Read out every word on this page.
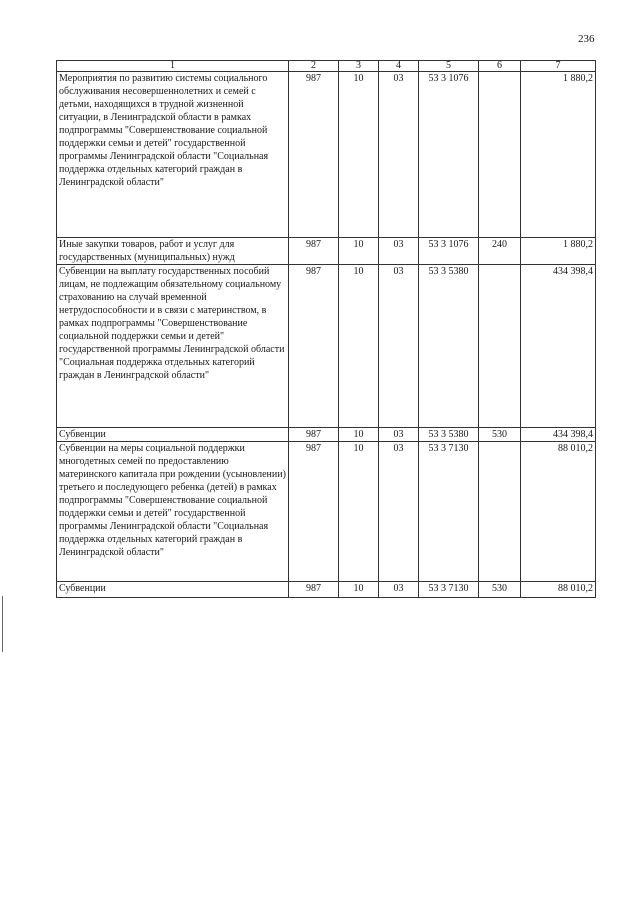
236
1	2	3	4	5	6	7
Мероприятия по развитию системы социального обслуживания несовершеннолетних и семей с детьми, находящихся в трудной жизненной ситуации, в Ленинградской области в рамках подпрограммы "Совершенствование социальной поддержки семьи и детей" государственной программы Ленинградской области "Социальная поддержка отдельных категорий граждан в Ленинградской области"	987	10	03	53 3 1076		1 880,2
Иные закупки товаров, работ и услуг для государственных (муниципальных) нужд	987	10	03	53 3 1076	240	1 880,2
Субвенции на выплату государственных пособий лицам, не подлежащим обязательному социальному страхованию на случай временной нетрудоспособности и в связи с материнством, в рамках подпрограммы "Совершенствование социальной поддержки семьи и детей" государственной программы Ленинградской области "Социальная поддержка отдельных категорий граждан в Ленинградской области"	987	10	03	53 3 5380		434 398,4
Субвенции	987	10	03	53 3 5380	530	434 398,4
Субвенции на меры социальной поддержки многодетных семей по предоставлению материнского капитала при рождении (усыновлении) третьего и последующего ребенка (детей) в рамках подпрограммы "Совершенствование социальной поддержки семьи и детей" государственной программы Ленинградской области "Социальная поддержка отдельных категорий граждан в Ленинградской области"	987	10	03	53 3 7130		88 010,2
Субвенции	987	10	03	53 3 7130	530	88 010,2
